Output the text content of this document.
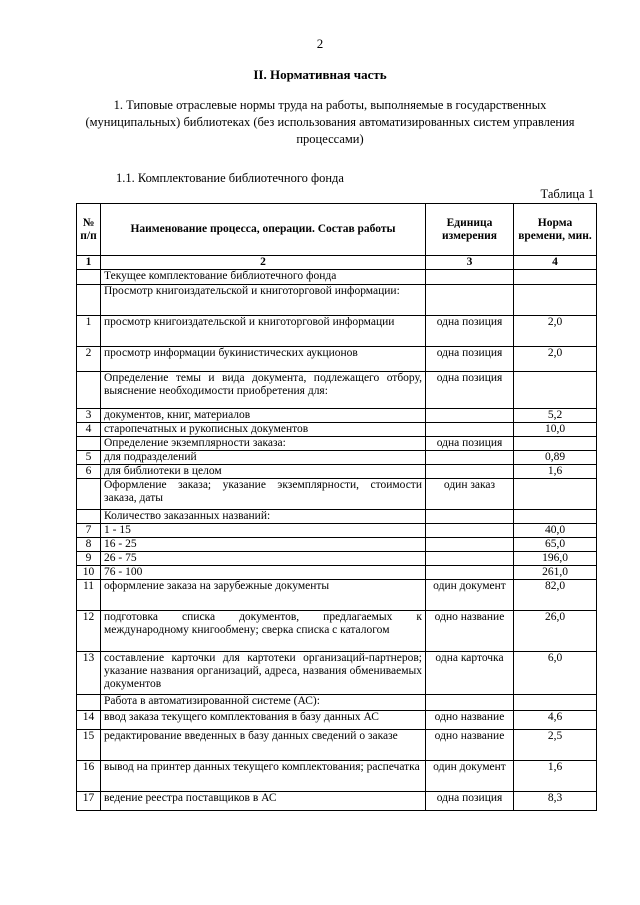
2
II. Нормативная часть
1. Типовые отраслевые нормы труда на работы, выполняемые в государственных (муниципальных) библиотеках (без использования автоматизированных систем управления процессами)
1.1. Комплектование библиотечного фонда
Таблица 1
№ п/п	Наименование процесса, операции. Состав работы	Единица измерения	Норма времени, мин.
1	2	3	4
	Текущее комплектование библиотечного фонда		
	Просмотр книгоиздательской и книготорговой информации:		
1	просмотр книгоиздательской и книготорговой информации	одна позиция	2,0
2	просмотр информации букинистических аукционов	одна позиция	2,0
	Определение темы и вида документа, подлежащего отбору, выяснение необходимости приобретения для:	одна позиция	
3	документов, книг, материалов		5,2
4	старопечатных и рукописных документов		10,0
	Определение экземплярности заказа:	одна позиция	
5	для подразделений		0,89
6	для библиотеки в целом		1,6
	Оформление заказа; указание экземплярности, стоимости заказа, даты	один заказ	
	Количество заказанных названий:		
7	1 - 15		40,0
8	16 - 25		65,0
9	26 - 75		196,0
10	76 - 100		261,0
11	оформление заказа на зарубежные документы	один документ	82,0
12	подготовка списка документов, предлагаемых к международному книгообмену; сверка списка с каталогом	одно название	26,0
13	составление карточки для картотеки организаций-партнеров; указание названия организаций, адреса, названия обмениваемых документов	одна карточка	6,0
	Работа в автоматизированной системе (АС):		
14	ввод заказа текущего комплектования в базу данных АС	одно название	4,6
15	редактирование введенных в базу данных сведений о заказе	одно название	2,5
16	вывод на принтер данных текущего комплектования; распечатка	один документ	1,6
17	ведение реестра поставщиков в АС	одна позиция	8,3
